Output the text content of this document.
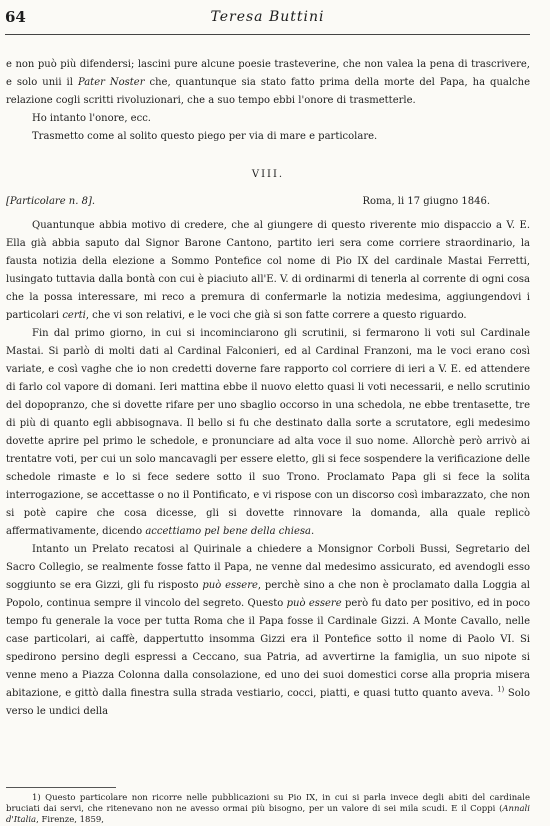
64	Teresa Buttini

e non può più difendersi; lascini pure alcune poesie trasteverine, che non valea la pena di trascrivere, e solo unii il Pater Noster che, quantunque sia stato fatto prima della morte del Papa, ha qualche relazione cogli scritti rivoluzionari, che a suo tempo ebbi l'onore di trasmetterle.

Ho intanto l'onore, ecc.

Trasmetto come al solito questo piego per via di mare e particolare.

VIII.
[Particolare n. 8].	Roma, li 17 giugno 1846.

Quantunque abbia motivo di credere, che al giungere di questo riverente mio dispaccio a V. E. Ella già abbia saputo dal Signor Barone Cantono, partito ieri sera come corriere straordinario, la fausta notizia della elezione a Sommo Pontefice col nome di Pio IX del cardinale Mastai Ferretti, lusingato tuttavia dalla bontà con cui è piaciuto all'E. V. di ordinarmi di tenerla al corrente di ogni cosa che la possa interessare, mi reco a premura di confermarle la notizia medesima, aggiungendovi i particolari certi, che vi son relativi, e le voci che già si son fatte correre a questo riguardo.

Fin dal primo giorno, in cui si incominciarono gli scrutinii, si fermarono li voti sul Cardinale Mastai. Si parlò di molti dati al Cardinal Falconieri, ed al Cardinal Franzoni, ma le voci erano così variate, e così vaghe che io non credetti doverne fare rapporto col corriere di ieri a V. E. ed attendere di farlo col vapore di domani. Ieri mattina ebbe il nuovo eletto quasi li voti necessarii, e nello scrutinio del dopopranzo, che si dovette rifare per uno sbaglio occorso in una schedola, ne ebbe trentasette, tre di più di quanto egli abbisognava. Il bello si fu che destinato dalla sorte a scrutatore, egli medesimo dovette aprire pel primo le schedole, e pronunciare ad alta voce il suo nome. Allorchè però arrivò ai trentatre voti, per cui un solo mancavagli per essere eletto, gli si fece sospendere la verificazione delle schedole rimaste e lo si fece sedere sotto il suo Trono. Proclamato Papa gli si fece la solita interrogazione, se accettasse o no il Pontificato, e vi rispose con un discorso così imbarazzato, che non si potè capire che cosa dicesse, gli si dovette rinnovare la domanda, alla quale replicò affermativamente, dicendo accettiamo pel bene della chiesa.

Intanto un Prelato recatosi al Quirinale a chiedere a Monsignor Corboli Bussi, Segretario del Sacro Collegio, se realmente fosse fatto il Papa, ne venne dal medesimo assicurato, ed avendogli esso soggiunto se era Gizzi, gli fu risposto può essere, perchè sino a che non è proclamato dalla Loggia al Popolo, continua sempre il vincolo del segreto. Questo può essere però fu dato per positivo, ed in poco tempo fu generale la voce per tutta Roma che il Papa fosse il Cardinale Gizzi. A Monte Cavallo, nelle case particolari, ai caffè, dappertutto insomma Gizzi era il Pontefice sotto il nome di Paolo VI. Si spedirono persino degli espressi a Ceccano, sua Patria, ad avvertirne la famiglia, un suo nipote si venne meno a Piazza Colonna dalla consolazione, ed uno dei suoi domestici corse alla propria misera abitazione, e gittò dalla finestra sulla strada vestiario, cocci, piatti, e quasi tutto quanto aveva. $^{1)}$ Solo verso le undici della

1) Questo particolare non ricorre nelle pubblicazioni su Pio IX, in cui si parla invece degli abiti del cardinale bruciati dai servi, che ritenevano non ne avesso ormai più bisogno, per un valore di sei mila scudi. E il Coppi (Annali d'Italia, Firenze, 1859,
